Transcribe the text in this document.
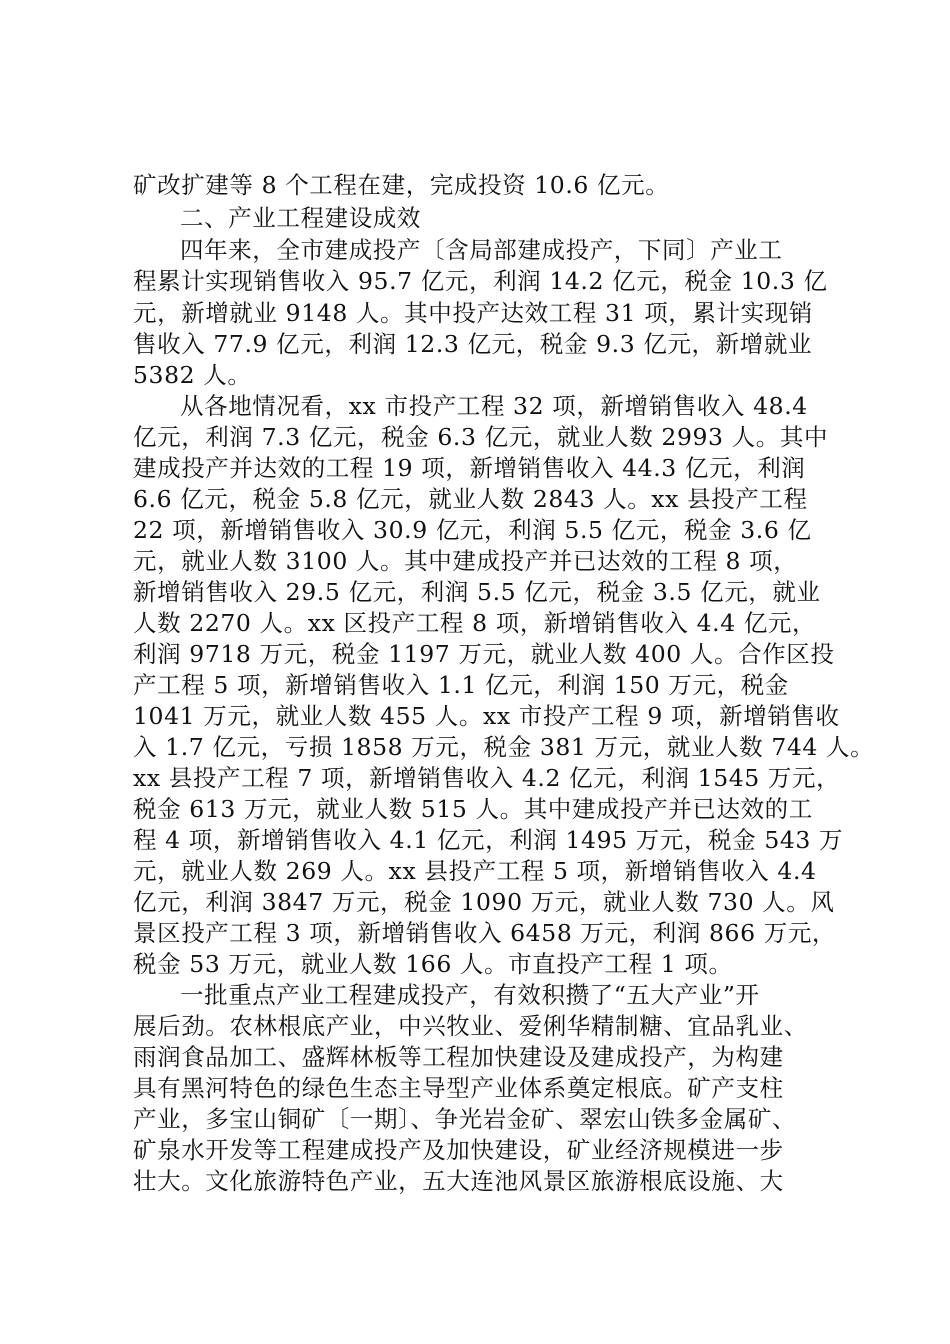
矿改扩建等 8 个工程在建，完成投资 10.6 亿元。
二、产业工程建设成效
四年来，全市建成投产〔含局部建成投产，下同〕产业工
程累计实现销售收入 95.7 亿元，利润 14.2 亿元，税金 10.3 亿
元，新增就业 9148 人。其中投产达效工程 31 项，累计实现销
售收入 77.9 亿元，利润 12.3 亿元，税金 9.3 亿元，新增就业
5382 人。
从各地情况看，xx 市投产工程 32 项，新增销售收入 48.4
亿元，利润 7.3 亿元，税金 6.3 亿元，就业人数 2993 人。其中
建成投产并达效的工程 19 项，新增销售收入 44.3 亿元，利润
6.6 亿元，税金 5.8 亿元，就业人数 2843 人。xx 县投产工程
22 项，新增销售收入 30.9 亿元，利润 5.5 亿元，税金 3.6 亿
元，就业人数 3100 人。其中建成投产并已达效的工程 8 项，
新增销售收入 29.5 亿元，利润 5.5 亿元，税金 3.5 亿元，就业
人数 2270 人。xx 区投产工程 8 项，新增销售收入 4.4 亿元，
利润 9718 万元，税金 1197 万元，就业人数 400 人。合作区投
产工程 5 项，新增销售收入 1.1 亿元，利润 150 万元，税金
1041 万元，就业人数 455 人。xx 市投产工程 9 项，新增销售收
入 1.7 亿元，亏损 1858 万元，税金 381 万元，就业人数 744 人。
xx 县投产工程 7 项，新增销售收入 4.2 亿元，利润 1545 万元，
税金 613 万元，就业人数 515 人。其中建成投产并已达效的工
程 4 项，新增销售收入 4.1 亿元，利润 1495 万元，税金 543 万
元，就业人数 269 人。xx 县投产工程 5 项，新增销售收入 4.4
亿元，利润 3847 万元，税金 1090 万元，就业人数 730 人。风
景区投产工程 3 项，新增销售收入 6458 万元，利润 866 万元，
税金 53 万元，就业人数 166 人。市直投产工程 1 项。
一批重点产业工程建成投产，有效积攒了“五大产业”开
展后劲。农林根底产业，中兴牧业、爱俐华精制糖、宜品乳业、
雨润食品加工、盛辉林板等工程加快建设及建成投产，为构建
具有黑河特色的绿色生态主导型产业体系奠定根底。矿产支柱
产业，多宝山铜矿〔一期〕、争光岩金矿、翠宏山铁多金属矿、
矿泉水开发等工程建成投产及加快建设，矿业经济规模进一步
壮大。文化旅游特色产业，五大连池风景区旅游根底设施、大
